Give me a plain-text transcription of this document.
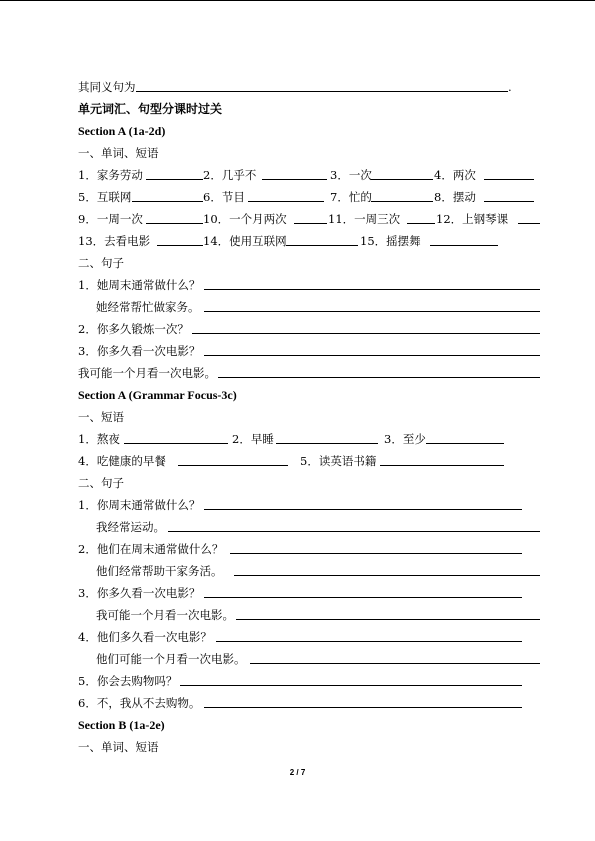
其同义句为	.
单元词汇、句型分课时过关
Section A (1a-2d)
一、单词、短语
1．家务劳动	2．几乎不	3．一次	4．两次
5．互联网	6．节目	7．忙的	8．摆动
9．一周一次	10．一个月两次	11．一周三次	12．上钢琴课
13．去看电影	14．使用互联网	15．摇摆舞
二、句子
1．她周末通常做什么？
她经常帮忙做家务。
2．你多久锻炼一次？
3．你多久看一次电影？
我可能一个月看一次电影。
Section A (Grammar Focus-3c)
一、短语
1．熬夜	2．早睡	3．至少
4．吃健康的早餐	5．读英语书籍
二、句子
1．你周末通常做什么？
我经常运动。
2．他们在周末通常做什么？
他们经常帮助干家务活。
3．你多久看一次电影？
我可能一个月看一次电影。
4．他们多久看一次电影？
他们可能一个月看一次电影。
5．你会去购物吗？
6．不，我从不去购物。
Section B (1a-2e)
一、单词、短语
2 / 7
